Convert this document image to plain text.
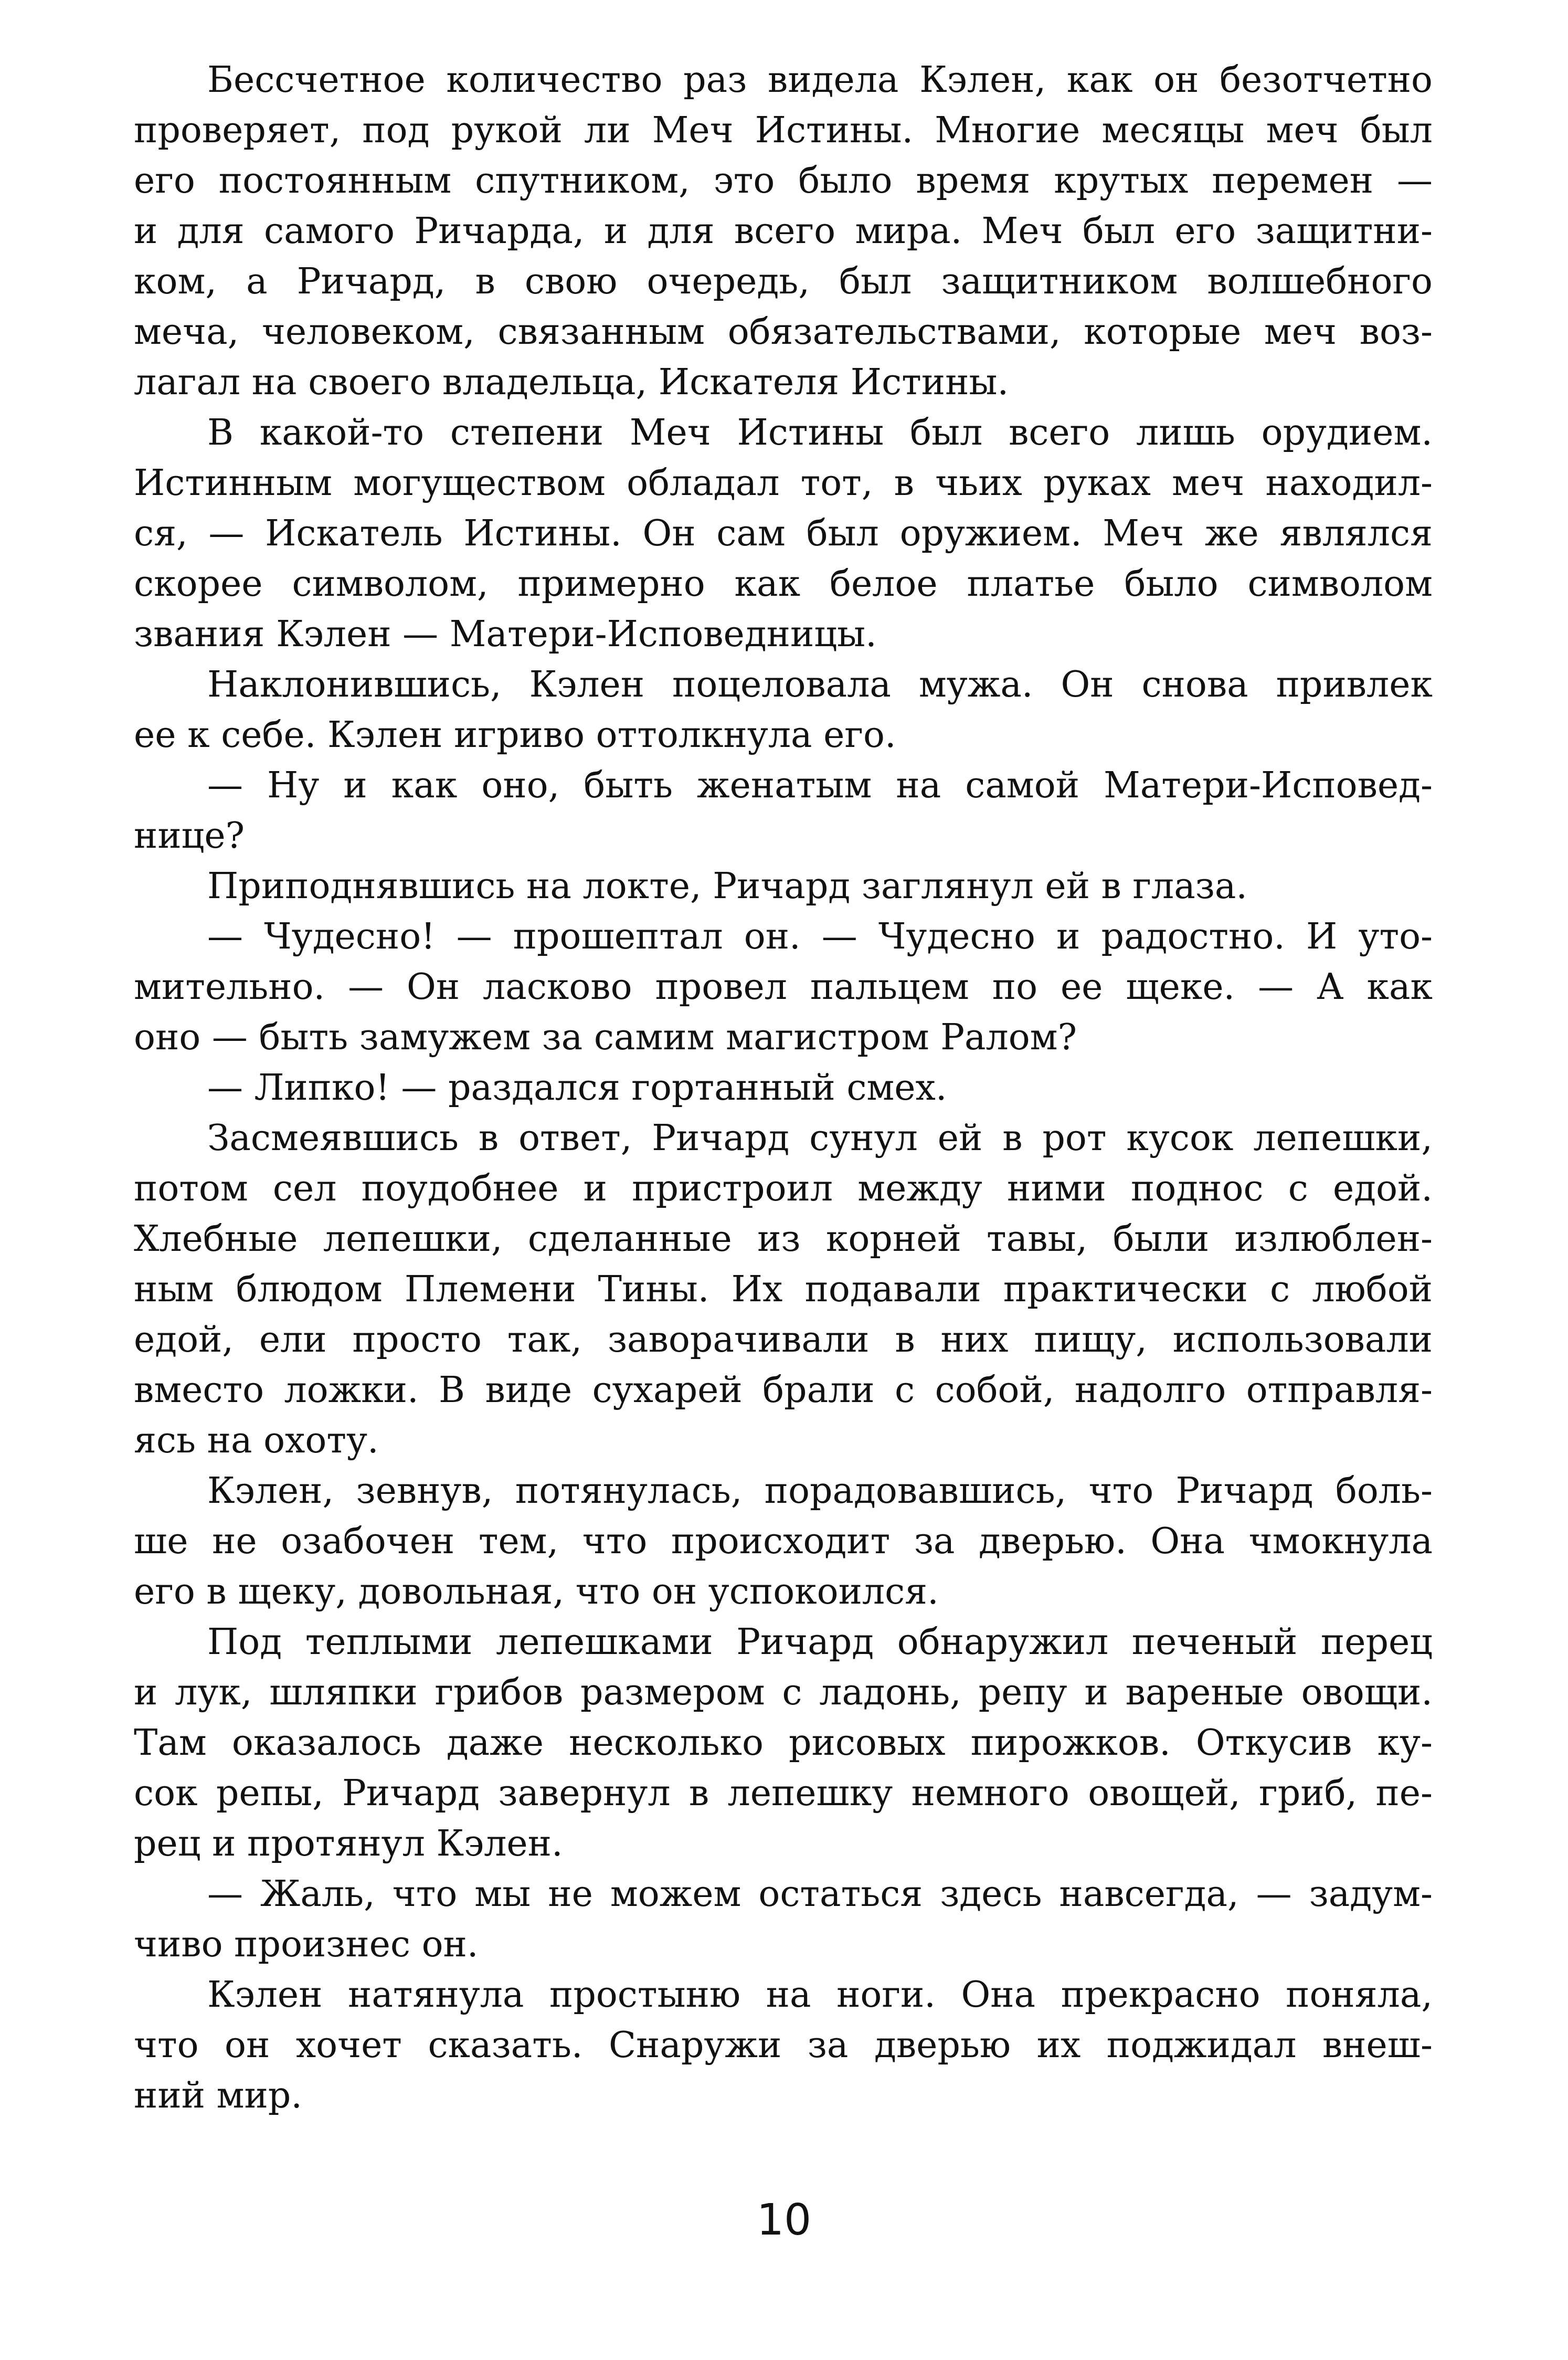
Бессчетное количество раз видела Кэлен, как он безотчетно
проверяет, под рукой ли Меч Истины. Многие месяцы меч был
его постоянным спутником, это было время крутых перемен —
и для самого Ричарда, и для всего мира. Меч был его защитни-
ком, а Ричард, в свою очередь, был защитником волшебного
меча, человеком, связанным обязательствами, которые меч воз-
лагал на своего владельца, Искателя Истины.
В какой-то степени Меч Истины был всего лишь орудием.
Истинным могуществом обладал тот, в чьих руках меч находил-
ся, — Искатель Истины. Он сам был оружием. Меч же являлся
скорее символом, примерно как белое платье было символом
звания Кэлен — Матери-Исповедницы.
Наклонившись, Кэлен поцеловала мужа. Он снова привлек
ее к себе. Кэлен игриво оттолкнула его.
— Ну и как оно, быть женатым на самой Матери-Исповед-
нице?
Приподнявшись на локте, Ричард заглянул ей в глаза.
— Чудесно! — прошептал он. — Чудесно и радостно. И уто-
мительно. — Он ласково провел пальцем по ее щеке. — А как
оно — быть замужем за самим магистром Ралом?
— Липко! — раздался гортанный смех.
Засмеявшись в ответ, Ричард сунул ей в рот кусок лепешки,
потом сел поудобнее и пристроил между ними поднос с едой.
Хлебные лепешки, сделанные из корней тавы, были излюблен-
ным блюдом Племени Тины. Их подавали практически с любой
едой, ели просто так, заворачивали в них пищу, использовали
вместо ложки. В виде сухарей брали с собой, надолго отправля-
ясь на охоту.
Кэлен, зевнув, потянулась, порадовавшись, что Ричард боль-
ше не озабочен тем, что происходит за дверью. Она чмокнула
его в щеку, довольная, что он успокоился.
Под теплыми лепешками Ричард обнаружил печеный перец
и лук, шляпки грибов размером с ладонь, репу и вареные овощи.
Там оказалось даже несколько рисовых пирожков. Откусив ку-
сок репы, Ричард завернул в лепешку немного овощей, гриб, пе-
рец и протянул Кэлен.
— Жаль, что мы не можем остаться здесь навсегда, — задум-
чиво произнес он.
Кэлен натянула простыню на ноги. Она прекрасно поняла,
что он хочет сказать. Снаружи за дверью их поджидал внеш-
ний мир.
10
